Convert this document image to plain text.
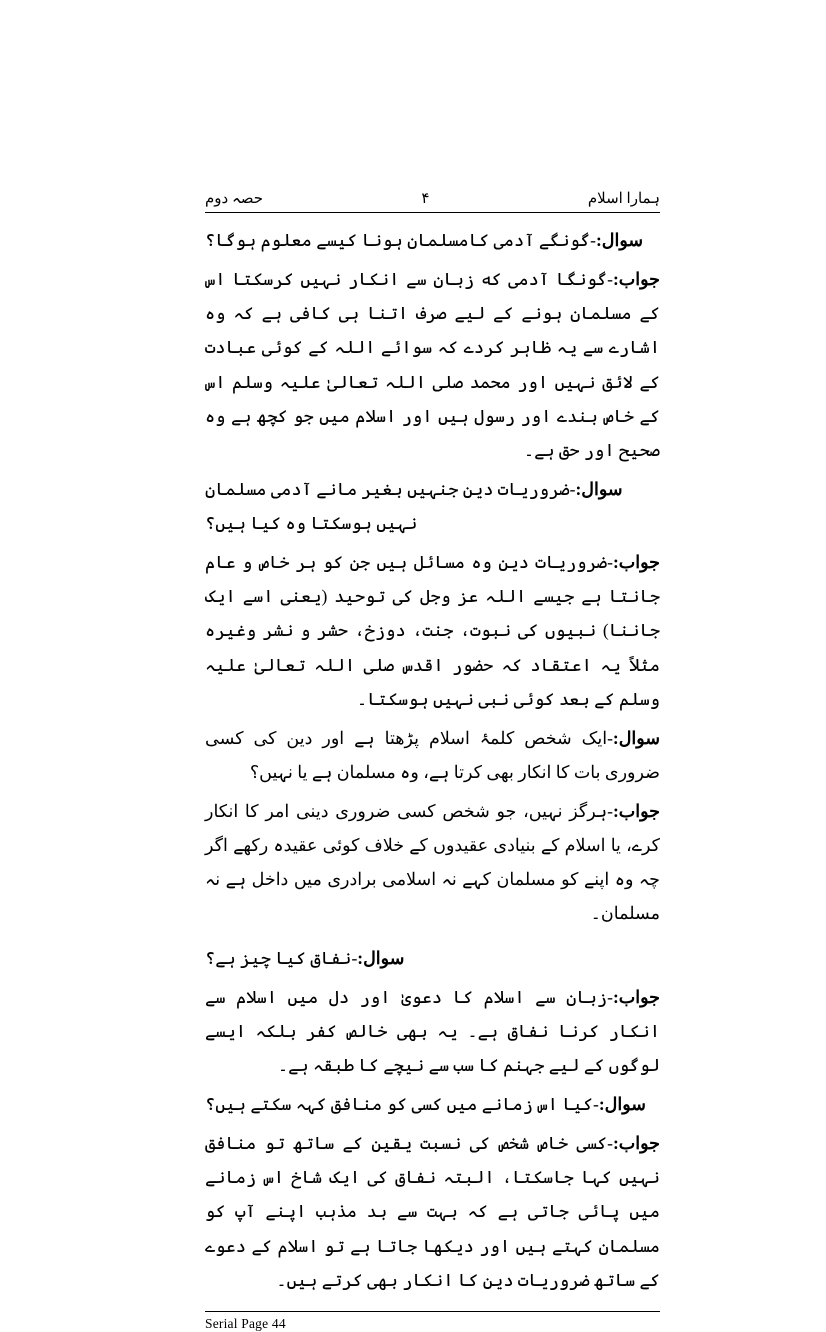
ہمارا اسلام
۴
حصہ دوم

سوال:-گونگے آدمی کامسلمان ہونا کیسے معلوم ہوگا؟

جواب:-گونگا آدمی که زبان سے انکار نہیں کرسکتا اس کے مسلمان ہونے کے لیے صرف اتنا ہی کافی ہے کہ وہ اشارے سے یہ ظاہر کردے کہ سوائے اللہ کے کوئی عبادت کے لائق نہیں اور محمد صلی اللہ تعالیٰ علیہ وسلم اس کے خاص بندے اور رسول ہیں اور اسلام میں جو کچھ ہے وہ صحیح اور حق ہے۔

سوال:-ضروریات دین جنہیں بغیر مانے آدمی مسلمان نہیں ہوسکتا وہ کیا ہیں؟

جواب:-ضروریات دین وہ مسائل ہیں جن کو ہر خاص و عام جانتا ہے جیسے اللہ عز وجل کی توحید (یعنی اسے ایک جاننا) نبیوں کی نبوت، جنت، دوزخ، حشر و نشر وغیرہ مثلاً یہ اعتقاد کہ حضور اقدس صلی اللہ تعالیٰ علیہ وسلم کے بعد کوئی نبی نہیں ہوسکتا۔

سوال:-ایک شخص کلمۂ اسلام پڑھتا ہے اور دین کی کسی ضروری بات کا انکار بھی کرتا ہے، وہ مسلمان ہے یا نہیں؟

جواب:-ہرگز نہیں، جو شخص کسی ضروری دینی امر کا انکار کرے، یا اسلام کے بنیادی عقیدوں کے خلاف کوئی عقیدہ رکھے اگر چہ وہ اپنے کو مسلمان کہے نہ اسلامی برادری میں داخل ہے نہ مسلمان۔

سوال:-نفاق کیا چیز ہے؟

جواب:-زبان سے اسلام کا دعویٰ اور دل میں اسلام سے انکار کرنا نفاق ہے۔ یہ بھی خالص کفر بلکہ ایسے لوگوں کے لیے جہنم کا سب سے نیچے کا طبقہ ہے۔

سوال:-کیا اس زمانے میں کسی کو منافق کہہ سکتے ہیں؟

جواب:-کسی خاص شخص کی نسبت یقین کے ساتھ تو منافق نہیں کہا جاسکتا، البتہ نفاق کی ایک شاخ اس زمانے میں پائی جاتی ہے کہ بہت سے بد مذہب اپنے آپ کو مسلمان کہتے ہیں اور دیکھا جاتا ہے تو اسلام کے دعوے کے ساتھ ضروریات دین کا انکار بھی کرتے ہیں۔

Serial Page 44
